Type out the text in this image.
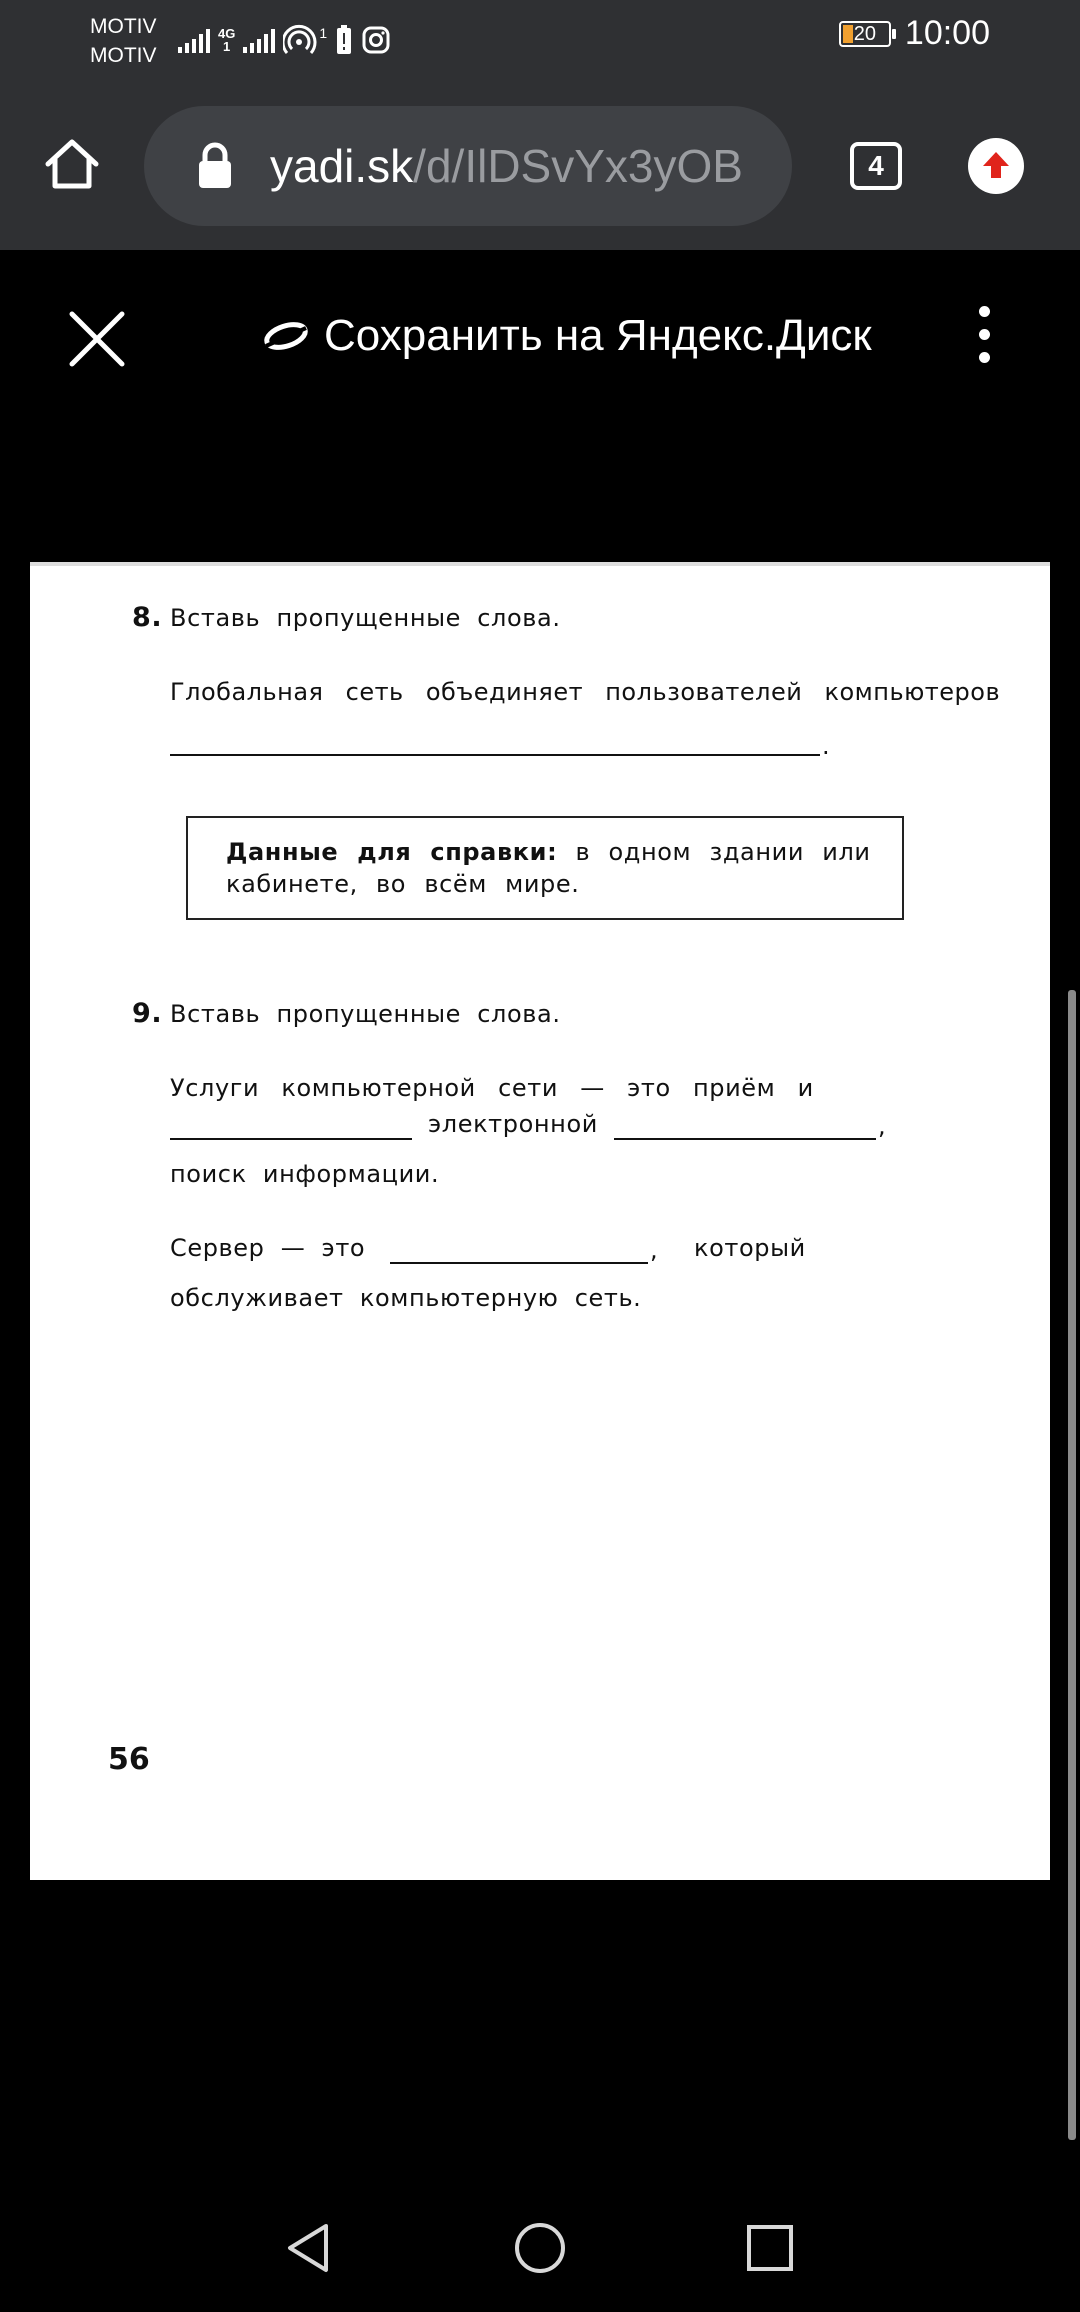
MOTIV
MOTIV
4G
1
1	20 10:00
yadi.sk/d/IlDSvYx3yOB	4
Сохранить на Яндекс.Диск
8. Вставь пропущенные слова.
Глобальная сеть объединяет пользователей компьютеров
.
Данные для справки: в одном здании или
кабинете, во всём мире.
9. Вставь пропущенные слова.
Услуги компьютерной сети — это приём и
электронной	,
поиск информации.
Сервер — это	, который
обслуживает компьютерную сеть.
56
